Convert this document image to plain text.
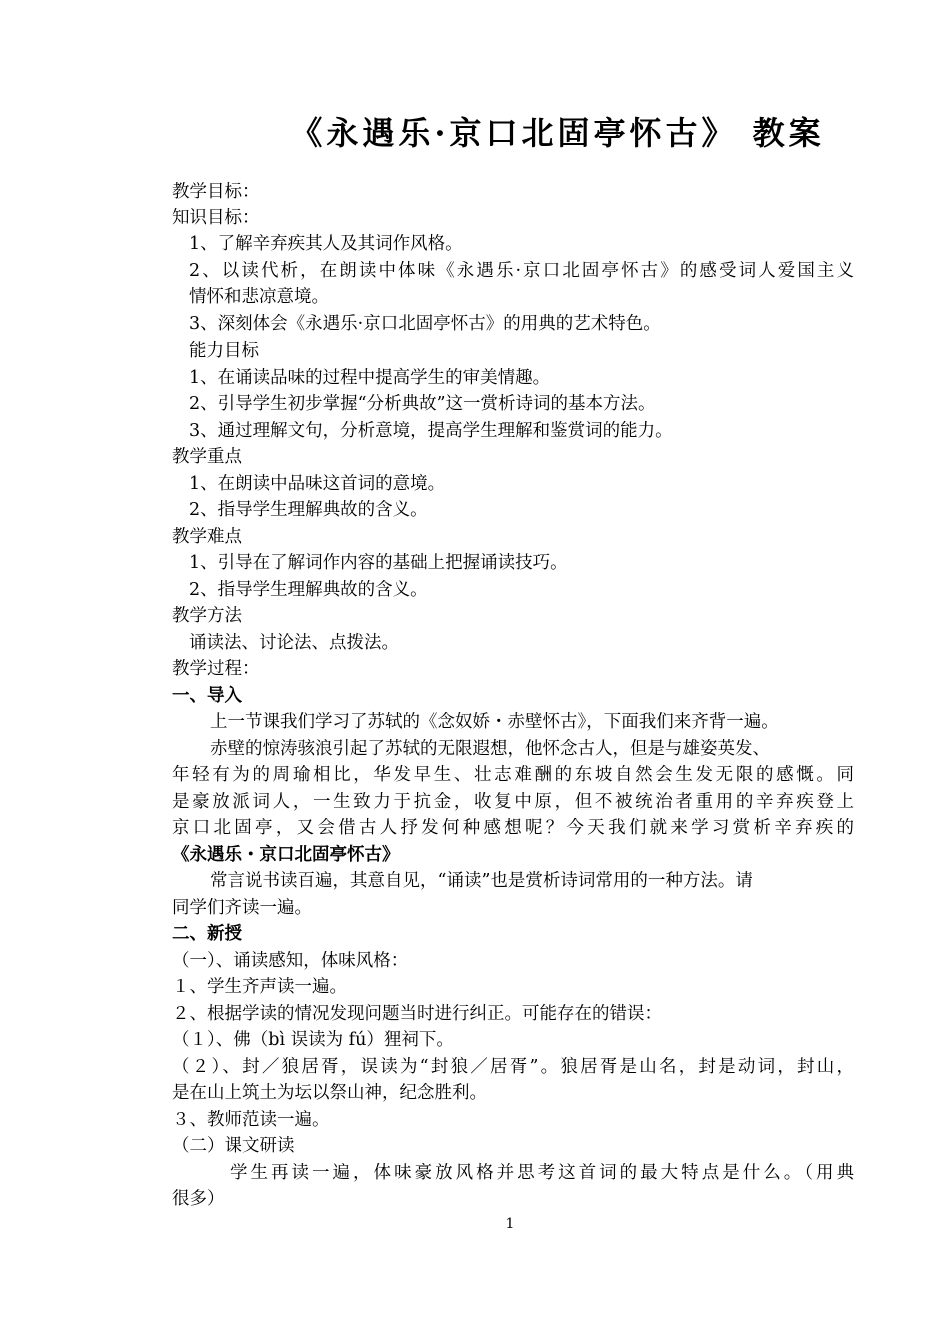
《永遇乐·京口北固亭怀古》 教案
教学目标：
知识目标：
1、了解辛弃疾其人及其词作风格。
2、以读代析，在朗读中体味《永遇乐·京口北固亭怀古》的感受词人爱国主义
情怀和悲凉意境。
3、深刻体会《永遇乐·京口北固亭怀古》的用典的艺术特色。
能力目标
1、在诵读品味的过程中提高学生的审美情趣。
2、引导学生初步掌握“分析典故”这一赏析诗词的基本方法。
3、通过理解文句，分析意境，提高学生理解和鉴赏词的能力。
教学重点
1、在朗读中品味这首词的意境。
2、指导学生理解典故的含义。
教学难点
1、引导在了解词作内容的基础上把握诵读技巧。
2、指导学生理解典故的含义。
教学方法
诵读法、讨论法、点拨法。
教学过程：
一、导入
上一节课我们学习了苏轼的《念奴娇・赤壁怀古》，下面我们来齐背一遍。
赤壁的惊涛骇浪引起了苏轼的无限遐想，他怀念古人，但是与雄姿英发、
年轻有为的周瑜相比，华发早生、壮志难酬的东坡自然会生发无限的感慨。同
是豪放派词人，一生致力于抗金，收复中原，但不被统治者重用的辛弃疾登上
京口北固亭，又会借古人抒发何种感想呢？今天我们就来学习赏析辛弃疾的
《永遇乐・京口北固亭怀古》
常言说书读百遍，其意自见，“诵读”也是赏析诗词常用的一种方法。请
同学们齐读一遍。
二、新授
（一）、诵读感知，体味风格：
１、学生齐声读一遍。
２、根据学读的情况发现问题当时进行纠正。可能存在的错误：
（１）、佛（bì 误读为 fú）狸祠下。
（２）、封／狼居胥，误读为“封狼／居胥”。狼居胥是山名，封是动词，封山，
是在山上筑土为坛以祭山神，纪念胜利。
３、教师范读一遍。
（二）课文研读
学生再读一遍，体味豪放风格并思考这首词的最大特点是什么。（用典
很多）
1
